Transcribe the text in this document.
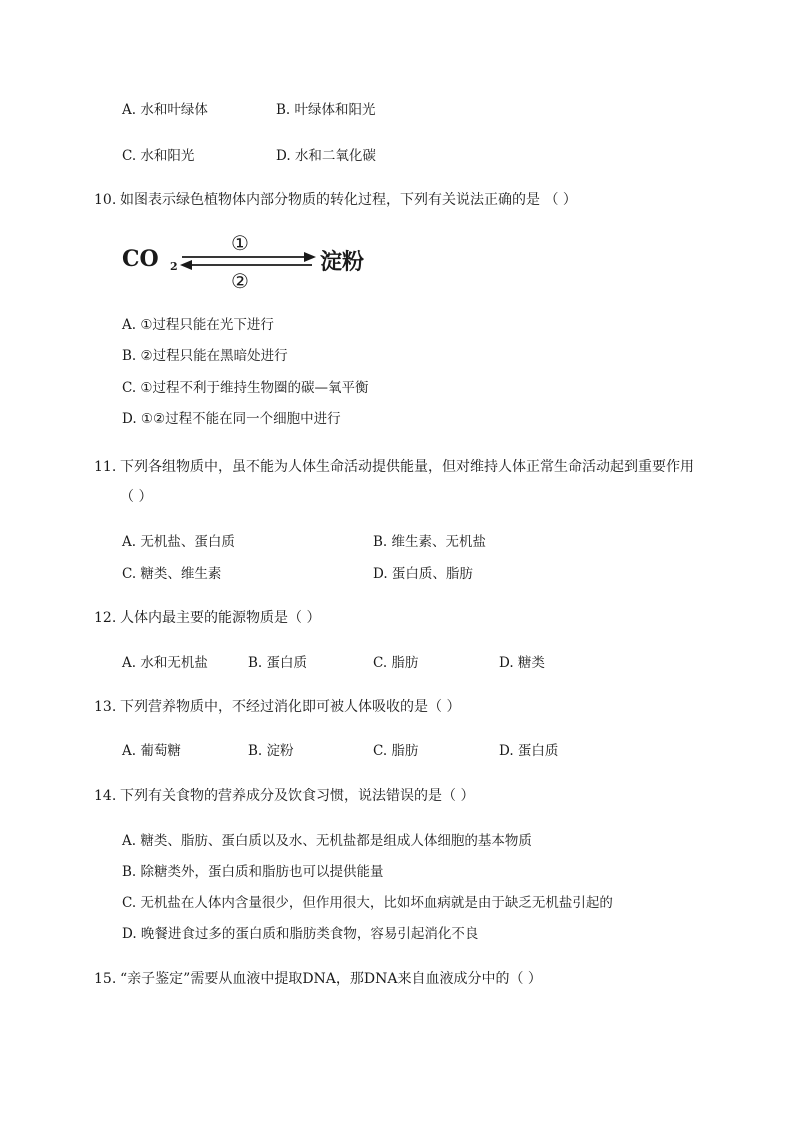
A. 水和叶绿体	B. 叶绿体和阳光
C. 水和阳光	D. 水和二氧化碳
10. 如图表示绿色植物体内部分物质的转化过程，下列有关说法正确的是 （ ）
CO 2
①
②
淀粉
A. ①过程只能在光下进行
B. ②过程只能在黑暗处进行
C. ①过程不利于维持生物圈的碳—氧平衡
D. ①②过程不能在同一个细胞中进行
11. 下列各组物质中，虽不能为人体生命活动提供能量，但对维持人体正常生命活动起到重要作用
（ ）
A. 无机盐、蛋白质	B. 维生素、无机盐
C. 糖类、维生素	D. 蛋白质、脂肪
12. 人体内最主要的能源物质是（ ）
A. 水和无机盐	B. 蛋白质	C. 脂肪	D. 糖类
13. 下列营养物质中，不经过消化即可被人体吸收的是（ ）
A. 葡萄糖	B. 淀粉	C. 脂肪	D. 蛋白质
14. 下列有关食物的营养成分及饮食习惯，说法错误的是（ ）
A. 糖类、脂肪、蛋白质以及水、无机盐都是组成人体细胞的基本物质
B. 除糖类外，蛋白质和脂肪也可以提供能量
C. 无机盐在人体内含量很少，但作用很大，比如坏血病就是由于缺乏无机盐引起的
D. 晚餐进食过多的蛋白质和脂肪类食物，容易引起消化不良
15. “亲子鉴定”需要从血液中提取DNA，那DNA来自血液成分中的（ ）
